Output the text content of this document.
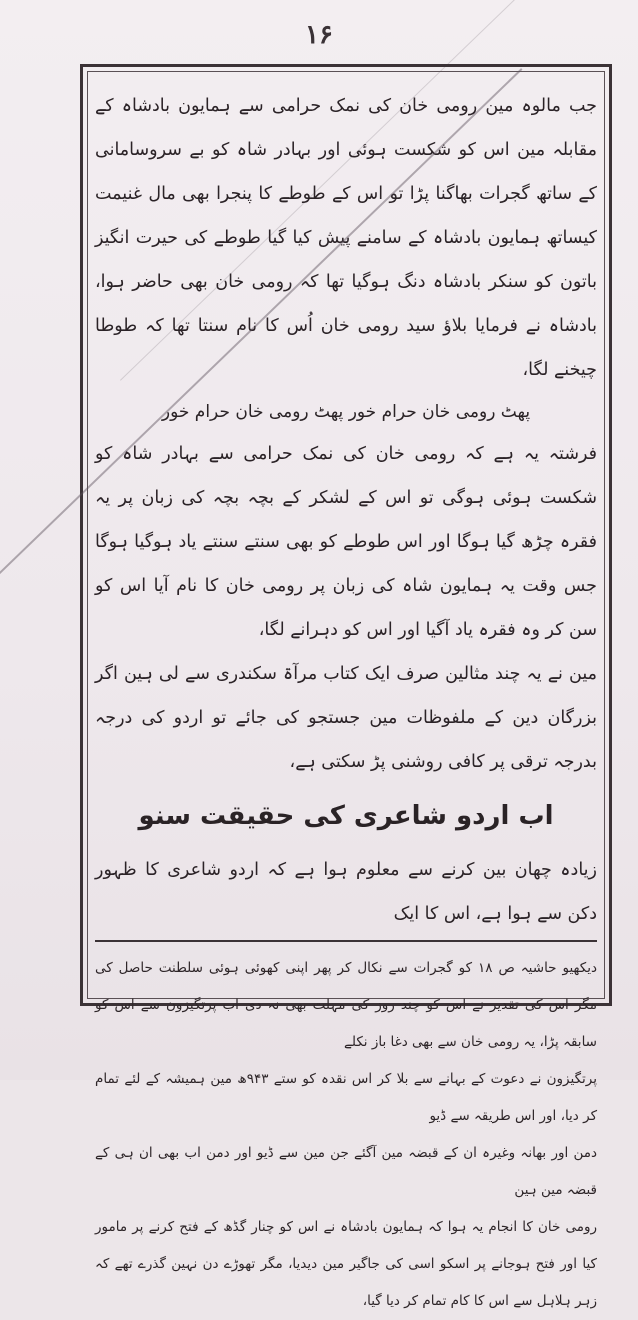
۱۶

جب مالوہ مین رومی خان کی نمک حرامی سے ہمایون بادشاہ کے مقابلہ مین اس کو شکست ہوئی اور بہادر شاہ کو بے سروسامانی کے ساتھ گجرات بھاگنا پڑا تو اس کے طوطے کا پنجرا بھی مال غنیمت کیساتھ ہمایون بادشاہ کے سامنے پیش کیا گیا طوطے کی حیرت انگیز باتون کو سنکر بادشاہ دنگ ہوگیا تھا کہ رومی خان بھی حاضر ہوا، بادشاہ نے فرمایا بلاؤ سید رومی خان اُس کا نام سنتا تھا کہ طوطا چیخنے لگا،

پھٹ رومی خان حرام خور پھٹ رومی خان حرام خور

فرشتہ یہ ہے کہ رومی خان کی نمک حرامی سے بہادر شاہ کو شکست ہوئی ہوگی تو اس کے لشکر کے بچہ بچہ کی زبان پر یہ فقرہ چڑھ گیا ہوگا اور اس طوطے کو بھی سنتے سنتے یاد ہوگیا ہوگا جس وقت یہ ہمایون شاہ کی زبان پر رومی خان کا نام آیا اس کو سن کر وہ فقرہ یاد آگیا اور اس کو دہرانے لگا،

مین نے یہ چند مثالین صرف ایک کتاب مرآۃ سکندری سے لی ہین اگر بزرگان دین کے ملفوظات مین جستجو کی جائے تو اردو کی درجہ بدرجہ ترقی پر کافی روشنی پڑ سکتی ہے،

اب اردو شاعری کی حقیقت سنو

زیادہ چھان بین کرنے سے معلوم ہوا ہے کہ اردو شاعری کا ظہور دکن سے ہوا ہے، اس کا ایک

دیکھیو حاشیہ ص ۱۸ کو گجرات سے نکال کر پھر اپنی کھوئی ہوئی سلطنت حاصل کی مگر اس کی تقدیر نے اس کو چند روز کی مہلت بھی نہ دی اب پرتگیزون سے اس کو سابقہ پڑا، یہ رومی خان سے بھی دغا باز نکلے

پرتگیزون نے دعوت کے بہانے سے بلا کر اس نقدہ کو ستے ۹۴۳ھ مین ہمیشہ کے لئے تمام کر دیا، اور اس طریقہ سے ڈیو

دمن اور بھانہ وغیرہ ان کے قبضہ مین آگئے جن مین سے ڈیو اور دمن اب بھی ان ہی کے قبضہ مین ہین

رومی خان کا انجام یہ ہوا کہ ہمایون بادشاہ نے اس کو چنار گڈھ کے فتح کرنے پر مامور کیا اور فتح ہوجانے پر اسکو اسی کی جاگیر مین دیدیا، مگر تھوڑے دن نہین گذرے تھے کہ زہر ہلاہل سے اس کا کام تمام کر دیا گیا،
